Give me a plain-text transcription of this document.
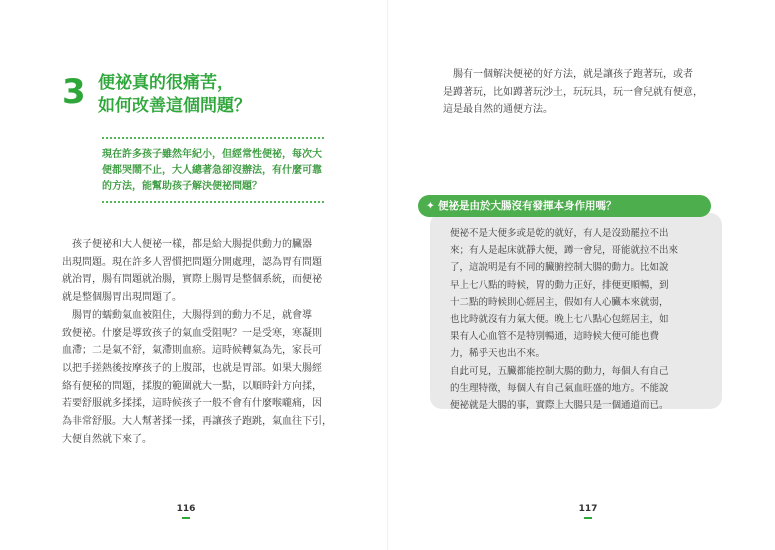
3 便祕真的很痛苦，
如何改善這個問題？
現在許多孩子雖然年紀小，但經常性便祕，每次大
便都哭鬧不止，大人總著急卻沒辦法，有什麼可靠
的方法，能幫助孩子解決便祕問題？
孩子便祕和大人便祕一樣，都是給大腸提供動力的臟器
出現問題。現在許多人習慣把問題分開處理，認為胃有問題
就治胃，腸有問題就治腸，實際上腸胃是整個系統，而便祕
就是整個腸胃出現問題了。
腸胃的蠕動氣血被阻住，大腸得到的動力不足，就會導
致便祕。什麼是導致孩子的氣血受阻呢？一是受寒，寒凝則
血滯；二是氣不舒，氣滯則血瘀。這時候轉氣為先，家長可
以把手搓熱後按摩孩子的上腹部，也就是胃部。如果大腸經
絡有便秘的問題，揉腹的範圍就大一點，以順時針方向揉，
若要舒服就多揉揉，這時候孩子一般不會有什麼喉嚨痛，因
為非常舒服。大人幫著揉一揉，再讓孩子跑跳，氣血往下引，
大便自然就下來了。
116
腸有一個解決便祕的好方法，就是讓孩子跑著玩，或者
是蹲著玩，比如蹲著玩沙土，玩玩具，玩一會兒就有便意，
這是最自然的通便方法。
便祕不是大便多或是乾的就好，有人是沒勁罷拉不出
來；有人是起床就靜大便，蹲一會兒，哥能就拉不出來
了，這說明是有不同的臟腑控制大腸的動力。比如說
早上七八點的時候，胃的動力正好，排便更順暢，到
十二點的時候則心經居主，假如有人心臟本來就弱，
也比時就沒有力氣大便。晚上七八點心包經居主，如
果有人心血管不是特別暢通，這時候大便可能也費
力，稀乎天也出不來。
自此可見，五臟都能控制大腸的動力，每個人有自己
的生理特徵，每個人有自己氣血旺盛的地方。不能說
便祕就是大腸的事，實際上大腸只是一個通道而已。
✦ 便祕是由於大腸沒有發揮本身作用嗎？
117
